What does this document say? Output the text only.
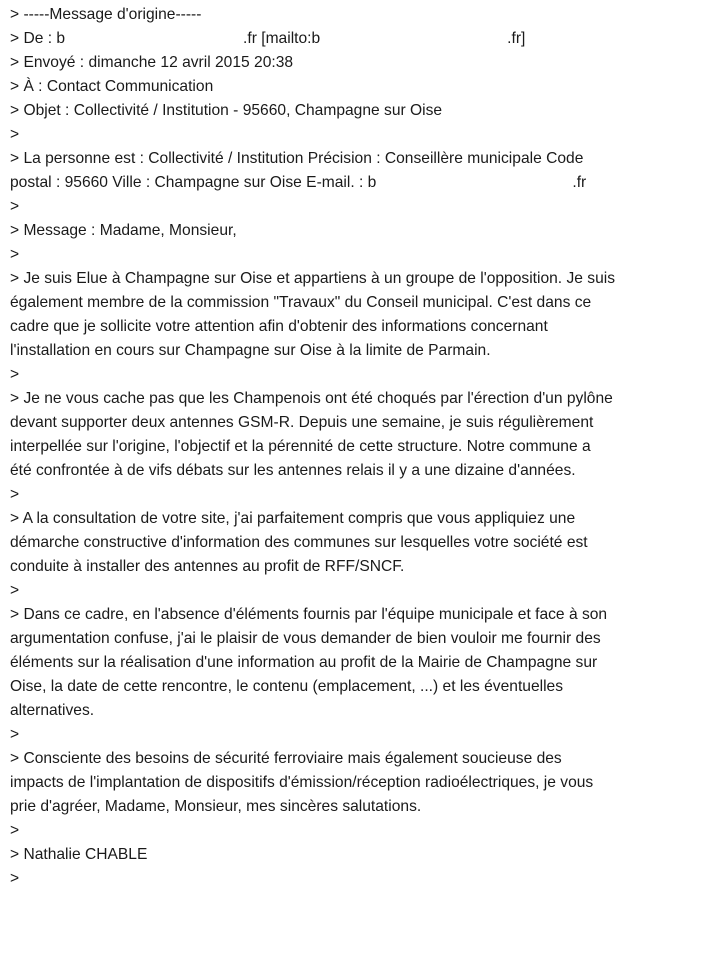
> -----Message d'origine-----
> De : b	.fr [mailto:b	.fr]
> Envoyé : dimanche 12 avril 2015 20:38
> À : Contact Communication
> Objet : Collectivité / Institution - 95660, Champagne sur Oise
>
> La personne est : Collectivité / Institution Précision : Conseillère municipale Code
postal : 95660 Ville : Champagne sur Oise E-mail. : b	.fr
>
> Message : Madame, Monsieur,
>
> Je suis Elue à Champagne sur Oise et appartiens à un groupe de l'opposition. Je suis
également membre de la commission "Travaux" du Conseil municipal. C'est dans ce
cadre que je sollicite votre attention afin d'obtenir des informations concernant
l'installation en cours sur Champagne sur Oise à la limite de Parmain.
>
> Je ne vous cache pas que les Champenois ont été choqués par l'érection d'un pylône
devant supporter deux antennes GSM-R. Depuis une semaine, je suis régulièrement
interpellée sur l'origine, l'objectif et la pérennité de cette structure. Notre commune a
été confrontée à de vifs débats sur les antennes relais il y a une dizaine d'années.
>
> A la consultation de votre site, j'ai parfaitement compris que vous appliquiez une
démarche constructive d'information des communes sur lesquelles votre société est
conduite à installer des antennes au profit de RFF/SNCF.
>
> Dans ce cadre, en l'absence d'éléments fournis par l'équipe municipale et face à son
argumentation confuse, j'ai le plaisir de vous demander de bien vouloir me fournir des
éléments sur la réalisation d'une information au profit de la Mairie de Champagne sur
Oise, la date de cette rencontre, le contenu (emplacement, ...) et les éventuelles
alternatives.
>
> Consciente des besoins de sécurité ferroviaire mais également soucieuse des
impacts de l'implantation de dispositifs d'émission/réception radioélectriques, je vous
prie d'agréer, Madame, Monsieur, mes sincères salutations.
>
> Nathalie CHABLE
>
